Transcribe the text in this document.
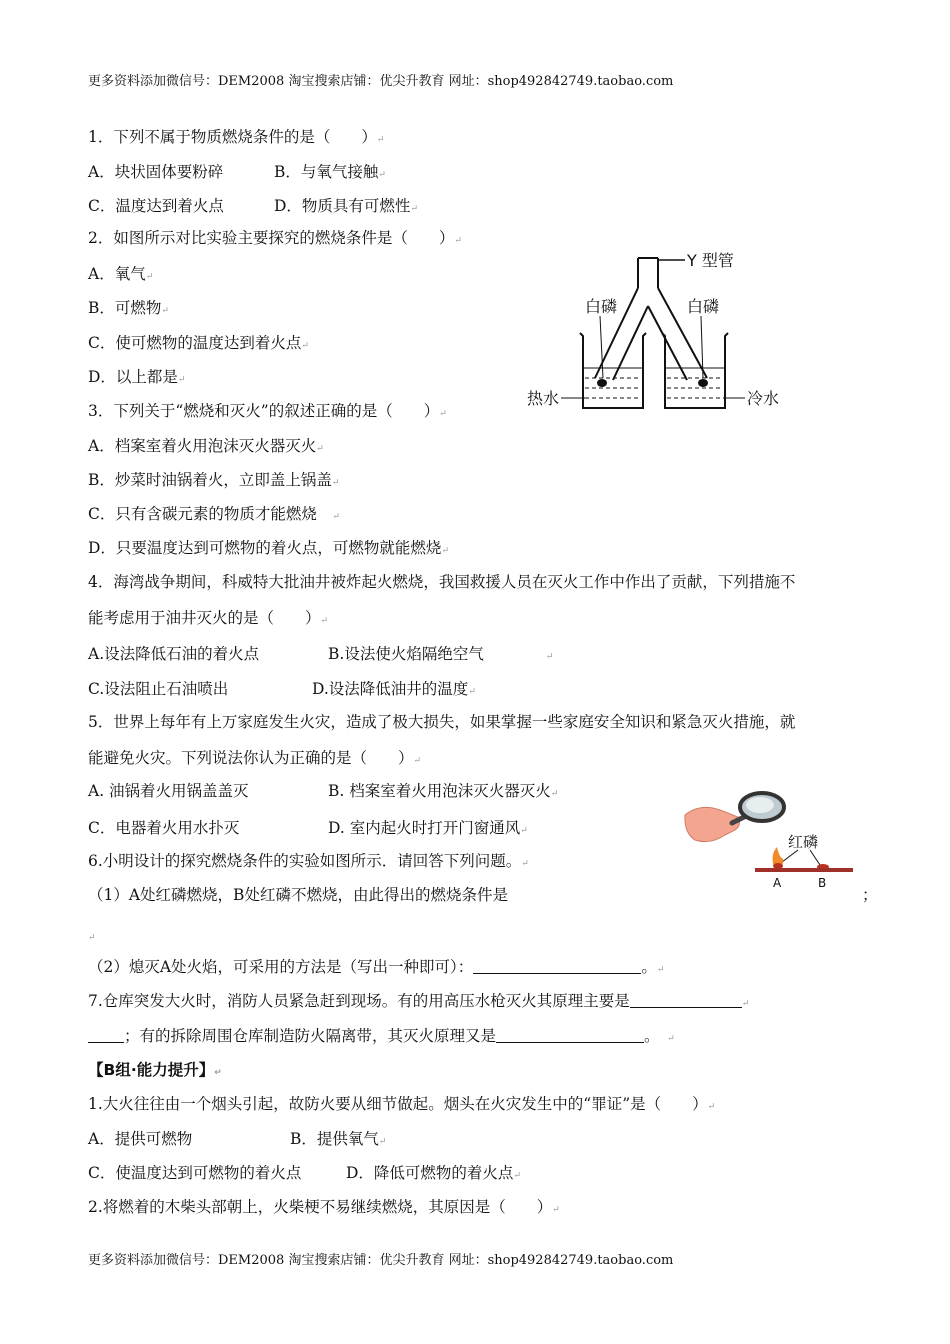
更多资料添加微信号：DEM2008 淘宝搜索店铺：优尖升教育 网址：shop492842749.taobao.com
1．下列不属于物质燃烧条件的是（　　）↵
A．块状固体要粉碎	B．与氧气接触↵
C．温度达到着火点	D．物质具有可燃性↵
2．如图所示对比实验主要探究的燃烧条件是（　　）↵
A．氧气↵
B．可燃物↵
C．使可燃物的温度达到着火点↵
D．以上都是↵
Y 型管
白磷	白磷
热水	冷水
3．下列关于“燃烧和灭火”的叙述正确的是（　　）↵
A．档案室着火用泡沫灭火器灭火↵
B．炒菜时油锅着火，立即盖上锅盖↵
C．只有含碳元素的物质才能燃烧　 ↵
D．只要温度达到可燃物的着火点，可燃物就能燃烧↵
4．海湾战争期间，科威特大批油井被炸起火燃烧，我国救援人员在灭火工作中作出了贡献，下列措施不
能考虑用于油井灭火的是（　　）↵
A.设法降低石油的着火点	B.设法使火焰隔绝空气　　　　	↵
C.设法阻止石油喷出	D.设法降低油井的温度↵
5．世界上每年有上万家庭发生火灾，造成了极大损失，如果掌握一些家庭安全知识和紧急灭火措施，就
能避免火灾。下列说法你认为正确的是（　　）↵
A. 油锅着火用锅盖盖灭	B. 档案室着火用泡沫灭火器灭火↵
C．电器着火用水扑灭	D. 室内起火时打开门窗通风↵
红磷
A	B
6.小明设计的探究燃烧条件的实验如图所示．请回答下列问题。↵
（1）A处红磷燃烧，B处红磷不燃烧，由此得出的燃烧条件是	；
↵
（2）熄灭A处火焰，可采用的方法是（写出一种即可）：	。↵
7.仓库突发大火时，消防人员紧急赶到现场。有的用高压水枪灭火其原理主要是	↵
；有的拆除周围仓库制造防火隔离带，其灭火原理又是	。　 ↵
【B组·能力提升】↵
1.大火往往由一个烟头引起，故防火要从细节做起。烟头在火灾发生中的“罪证”是（　　）↵
A．提供可燃物	B．提供氧气↵
C．使温度达到可燃物的着火点	D．降低可燃物的着火点↵
2.将燃着的木柴头部朝上，火柴梗不易继续燃烧，其原因是（　　）↵
更多资料添加微信号：DEM2008 淘宝搜索店铺：优尖升教育 网址：shop492842749.taobao.com
